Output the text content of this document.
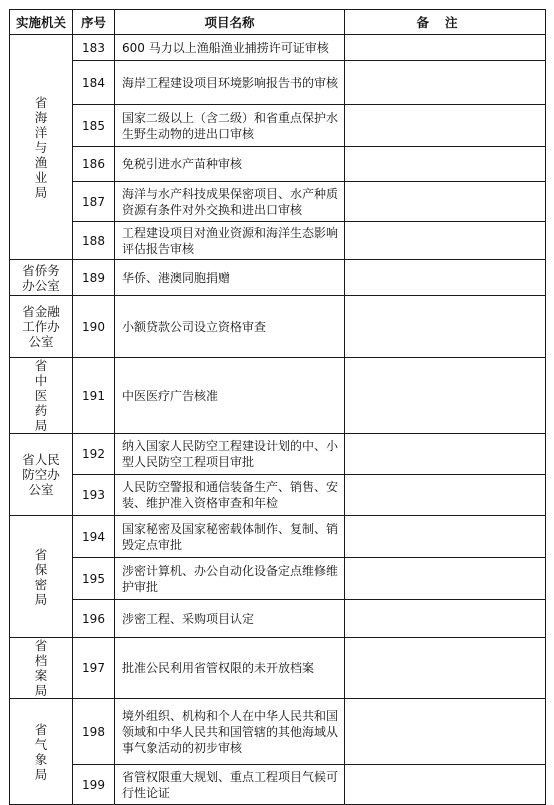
实施机关	序号	项目名称	备注
省海洋与渔业局	183	600 马力以上渔船渔业捕捞许可证审核	
	184	海岸工程建设项目环境影响报告书的审核	
	185	国家二级以上（含二级）和省重点保护水生野生动物的进出口审核	
	186	免税引进水产苗种审核	
	187	海洋与水产科技成果保密项目、水产种质资源有条件对外交换和进出口审核	
	188	工程建设项目对渔业资源和海洋生态影响评估报告审核	
省侨务办公室	189	华侨、港澳同胞捐赠	
省金融工作办公室	190	小额贷款公司设立资格审查	
省中医药局	191	中医医疗广告核准	
省人民防空办公室	192	纳入国家人民防空工程建设计划的中、小型人民防空工程项目审批	
	193	人民防空警报和通信装备生产、销售、安装、维护准入资格审查和年检	
省保密局	194	国家秘密及国家秘密载体制作、复制、销毁定点审批	
	195	涉密计算机、办公自动化设备定点维修维护审批	
	196	涉密工程、采购项目认定	
省档案局	197	批准公民利用省管权限的未开放档案	
省气象局	198	境外组织、机构和个人在中华人民共和国领域和中华人民共和国管辖的其他海域从事气象活动的初步审核	
	199	省管权限重大规划、重点工程项目气候可行性论证	
